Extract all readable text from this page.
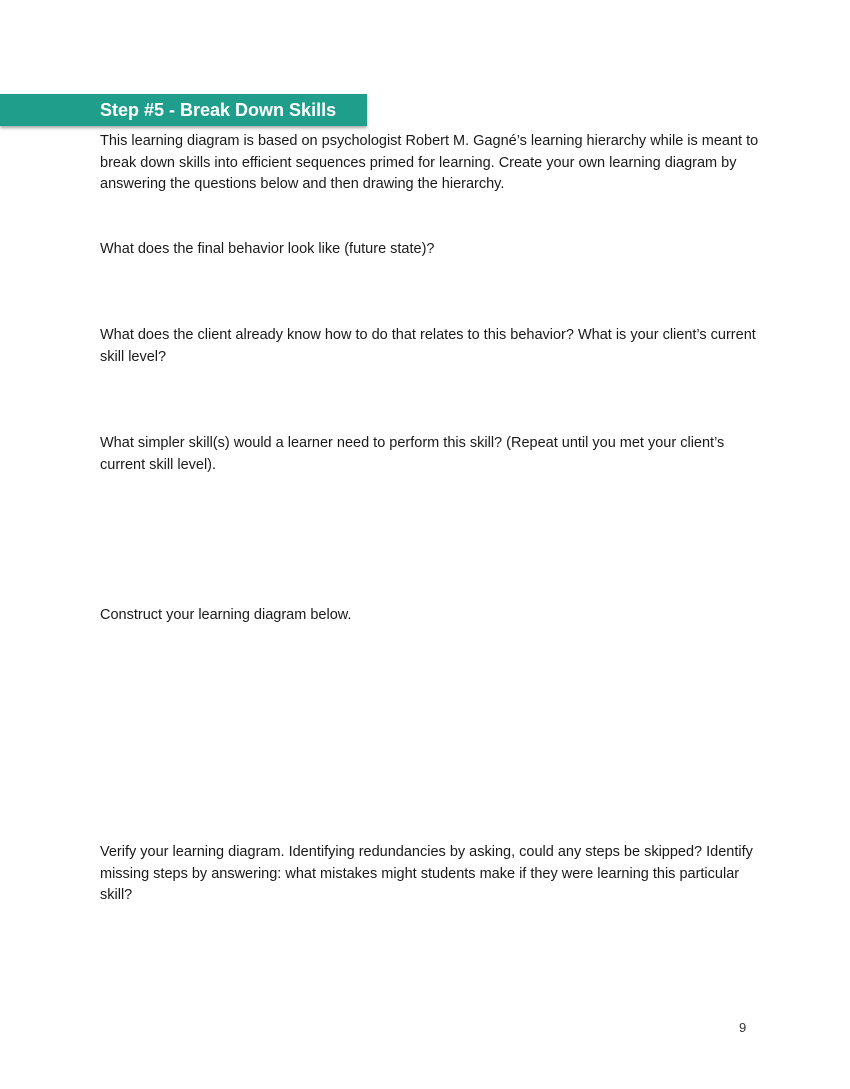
Step #5 - Break Down Skills

This learning diagram is based on psychologist Robert M. Gagné’s learning hierarchy while is meant to break down skills into efficient sequences primed for learning. Create your own learning diagram by answering the questions below and then drawing the hierarchy.

What does the final behavior look like (future state)?

What does the client already know how to do that relates to this behavior? What is your client’s current skill level?

What simpler skill(s) would a learner need to perform this skill? (Repeat until you met your client’s current skill level).

Construct your learning diagram below.

Verify your learning diagram. Identifying redundancies by asking, could any steps be skipped? Identify missing steps by answering: what mistakes might students make if they were learning this particular skill?

9
